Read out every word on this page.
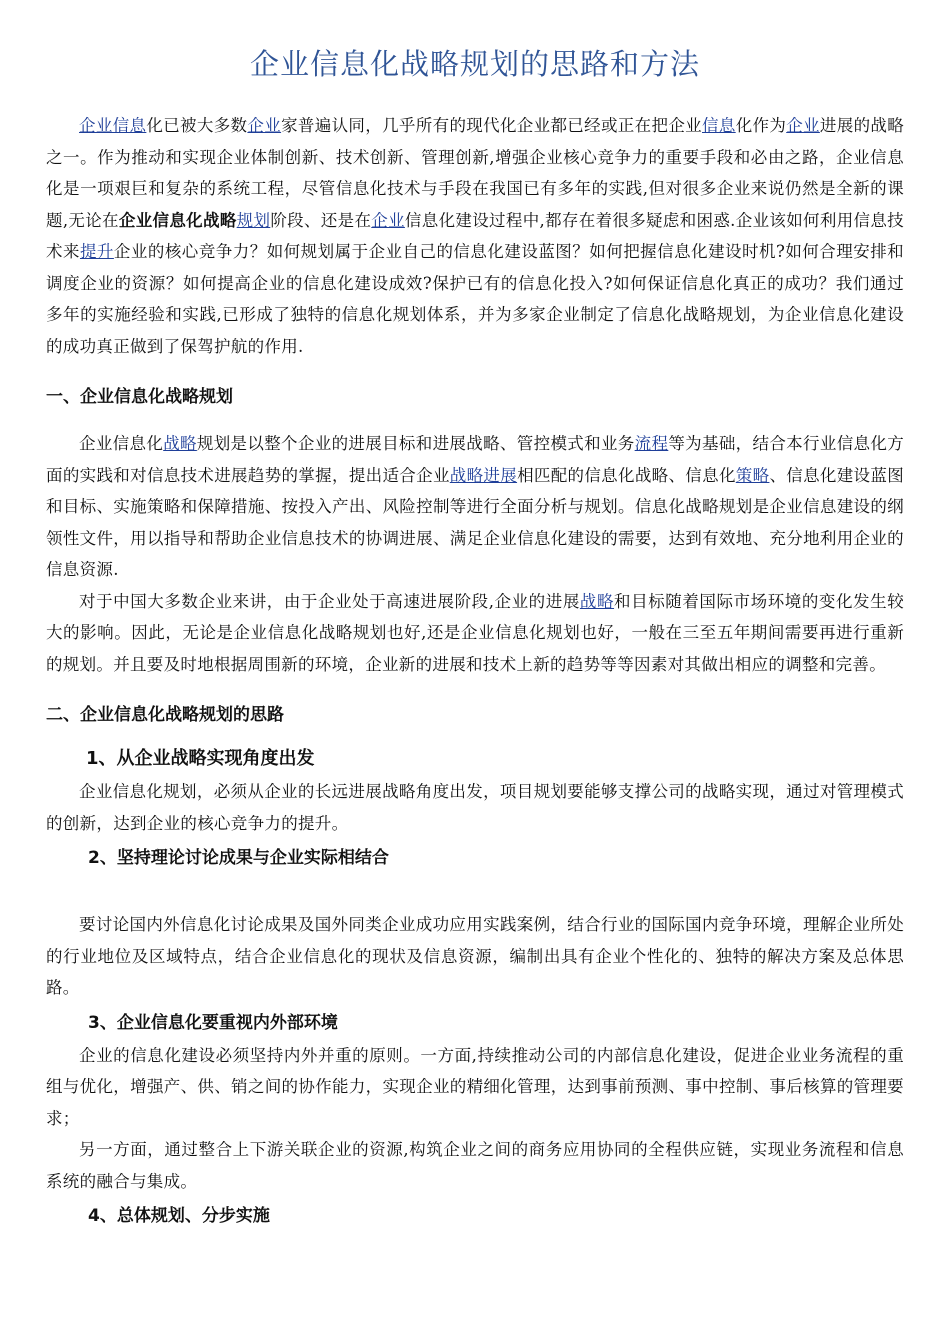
企业信息化战略规划的思路和方法

企业信息化已被大多数企业家普遍认同，几乎所有的现代化企业都已经或正在把企业信息化作为企业进展的战略之一。作为推动和实现企业体制创新、技术创新、管理创新,增强企业核心竞争力的重要手段和必由之路，企业信息化是一项艰巨和复杂的系统工程，尽管信息化技术与手段在我国已有多年的实践,但对很多企业来说仍然是全新的课题,无论在企业信息化战略规划阶段、还是在企业信息化建设过程中,都存在着很多疑虑和困惑.企业该如何利用信息技术来提升企业的核心竞争力？如何规划属于企业自己的信息化建设蓝图？如何把握信息化建设时机?如何合理安排和调度企业的资源？如何提高企业的信息化建设成效?保护已有的信息化投入?如何保证信息化真正的成功？我们通过多年的实施经验和实践,已形成了独特的信息化规划体系，并为多家企业制定了信息化战略规划，为企业信息化建设的成功真正做到了保驾护航的作用.

一、企业信息化战略规划

企业信息化战略规划是以整个企业的进展目标和进展战略、管控模式和业务流程等为基础，结合本行业信息化方面的实践和对信息技术进展趋势的掌握，提出适合企业战略进展相匹配的信息化战略、信息化策略、信息化建设蓝图和目标、实施策略和保障措施、按投入产出、风险控制等进行全面分析与规划。信息化战略规划是企业信息建设的纲领性文件，用以指导和帮助企业信息技术的协调进展、满足企业信息化建设的需要，达到有效地、充分地利用企业的信息资源.

对于中国大多数企业来讲，由于企业处于高速进展阶段,企业的进展战略和目标随着国际市场环境的变化发生较大的影响。因此，无论是企业信息化战略规划也好,还是企业信息化规划也好，一般在三至五年期间需要再进行重新的规划。并且要及时地根据周围新的环境，企业新的进展和技术上新的趋势等等因素对其做出相应的调整和完善。

二、企业信息化战略规划的思路
1、从企业战略实现角度出发

企业信息化规划，必须从企业的长远进展战略角度出发，项目规划要能够支撑公司的战略实现，通过对管理模式的创新，达到企业的核心竞争力的提升。

2、坚持理论讨论成果与企业实际相结合

要讨论国内外信息化讨论成果及国外同类企业成功应用实践案例，结合行业的国际国内竞争环境，理解企业所处的行业地位及区域特点，结合企业信息化的现状及信息资源，编制出具有企业个性化的、独特的解决方案及总体思路。

3、企业信息化要重视内外部环境

企业的信息化建设必须坚持内外并重的原则。一方面,持续推动公司的内部信息化建设，促进企业业务流程的重组与优化，增强产、供、销之间的协作能力，实现企业的精细化管理，达到事前预测、事中控制、事后核算的管理要求；

另一方面，通过整合上下游关联企业的资源,构筑企业之间的商务应用协同的全程供应链，实现业务流程和信息系统的融合与集成。

4、总体规划、分步实施
